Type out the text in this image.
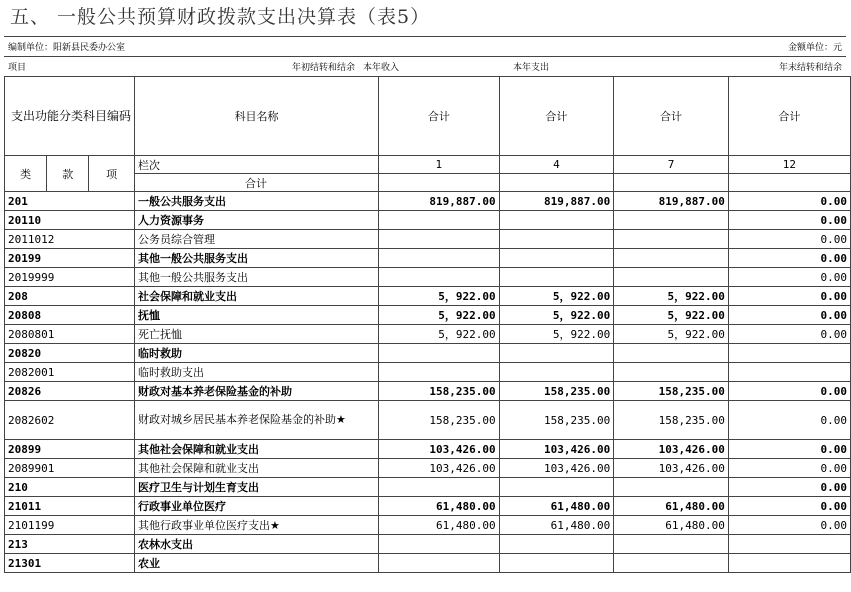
五、 一般公共预算财政拨款支出决算表（表5）
编制单位：阳新县民委办公室				金额单位：元
项目	年初结转和结余	本年收入	本年支出	年末结转和结余
支出功能分类科目编码			科目名称	合计	合计	合计	合计
类	款	项	栏次	1	4	7	12
			合计				
201			一般公共服务支出	819,887.00	819,887.00	819,887.00	0.00
20110			人力资源事务				0.00
2011012			公务员综合管理				0.00
20199			其他一般公共服务支出				0.00
2019999			其他一般公共服务支出				0.00
208			社会保障和就业支出	5，922.00	5，922.00	5，922.00	0.00
20808			抚恤	5，922.00	5，922.00	5，922.00	0.00
2080801			死亡抚恤	5，922.00	5，922.00	5，922.00	0.00
20820			临时救助				
2082001			临时救助支出				
20826			财政对基本养老保险基金的补助	158,235.00	158,235.00	158,235.00	0.00
2082602			财政对城乡居民基本养老保险基金的补助★	158,235.00	158,235.00	158,235.00	0.00
20899			其他社会保障和就业支出	103,426.00	103,426.00	103,426.00	0.00
2089901			其他社会保障和就业支出	103,426.00	103,426.00	103,426.00	0.00
210			医疗卫生与计划生育支出				0.00
21011			行政事业单位医疗	61,480.00	61,480.00	61,480.00	0.00
2101199			其他行政事业单位医疗支出★	61,480.00	61,480.00	61,480.00	0.00
213			农林水支出				
21301			农业				
